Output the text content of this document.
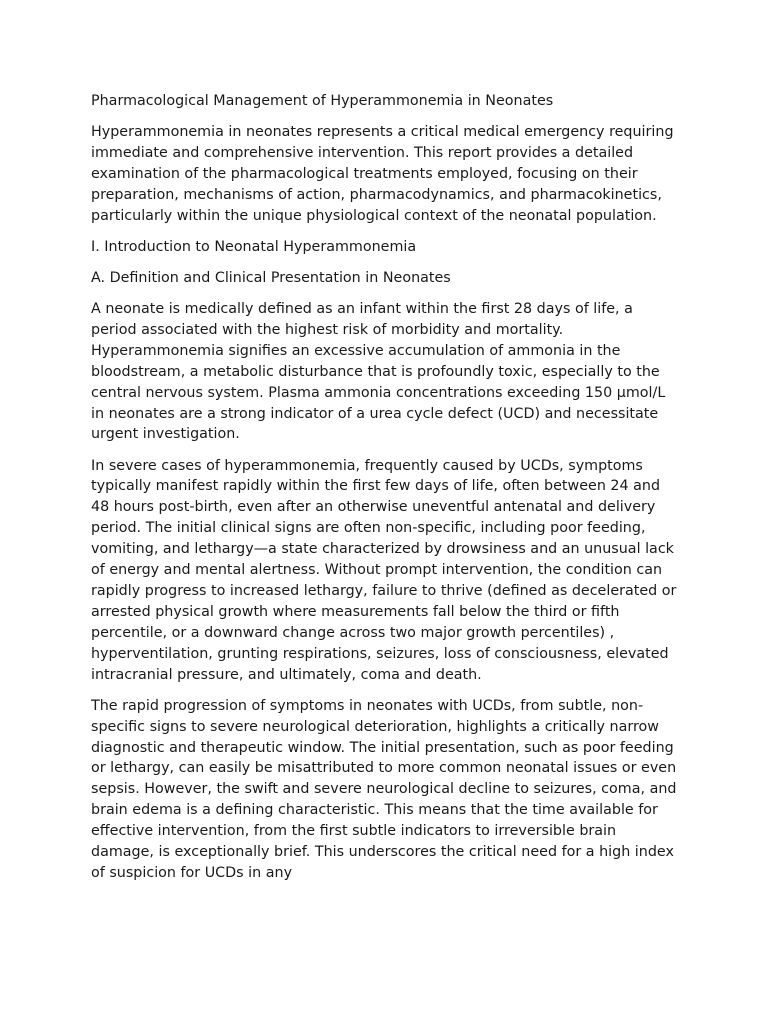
Pharmacological Management of Hyperammonemia in Neonates

Hyperammonemia in neonates represents a critical medical emergency requiring immediate and comprehensive intervention. This report provides a detailed examination of the pharmacological treatments employed, focusing on their preparation, mechanisms of action, pharmacodynamics, and pharmacokinetics, particularly within the unique physiological context of the neonatal population.

I. Introduction to Neonatal Hyperammonemia

A. Definition and Clinical Presentation in Neonates

A neonate is medically defined as an infant within the first 28 days of life, a period associated with the highest risk of morbidity and mortality. Hyperammonemia signifies an excessive accumulation of ammonia in the bloodstream, a metabolic disturbance that is profoundly toxic, especially to the central nervous system. Plasma ammonia concentrations exceeding 150 µmol/L in neonates are a strong indicator of a urea cycle defect (UCD) and necessitate urgent investigation.

In severe cases of hyperammonemia, frequently caused by UCDs, symptoms typically manifest rapidly within the first few days of life, often between 24 and 48 hours post-birth, even after an otherwise uneventful antenatal and delivery period. The initial clinical signs are often non-specific, including poor feeding, vomiting, and lethargy—a state characterized by drowsiness and an unusual lack of energy and mental alertness. Without prompt intervention, the condition can rapidly progress to increased lethargy, failure to thrive (defined as decelerated or arrested physical growth where measurements fall below the third or fifth percentile, or a downward change across two major growth percentiles) , hyperventilation, grunting respirations, seizures, loss of consciousness, elevated intracranial pressure, and ultimately, coma and death.

The rapid progression of symptoms in neonates with UCDs, from subtle, non-specific signs to severe neurological deterioration, highlights a critically narrow diagnostic and therapeutic window. The initial presentation, such as poor feeding or lethargy, can easily be misattributed to more common neonatal issues or even sepsis. However, the swift and severe neurological decline to seizures, coma, and brain edema is a defining characteristic. This means that the time available for effective intervention, from the first subtle indicators to irreversible brain damage, is exceptionally brief. This underscores the critical need for a high index of suspicion for UCDs in any
